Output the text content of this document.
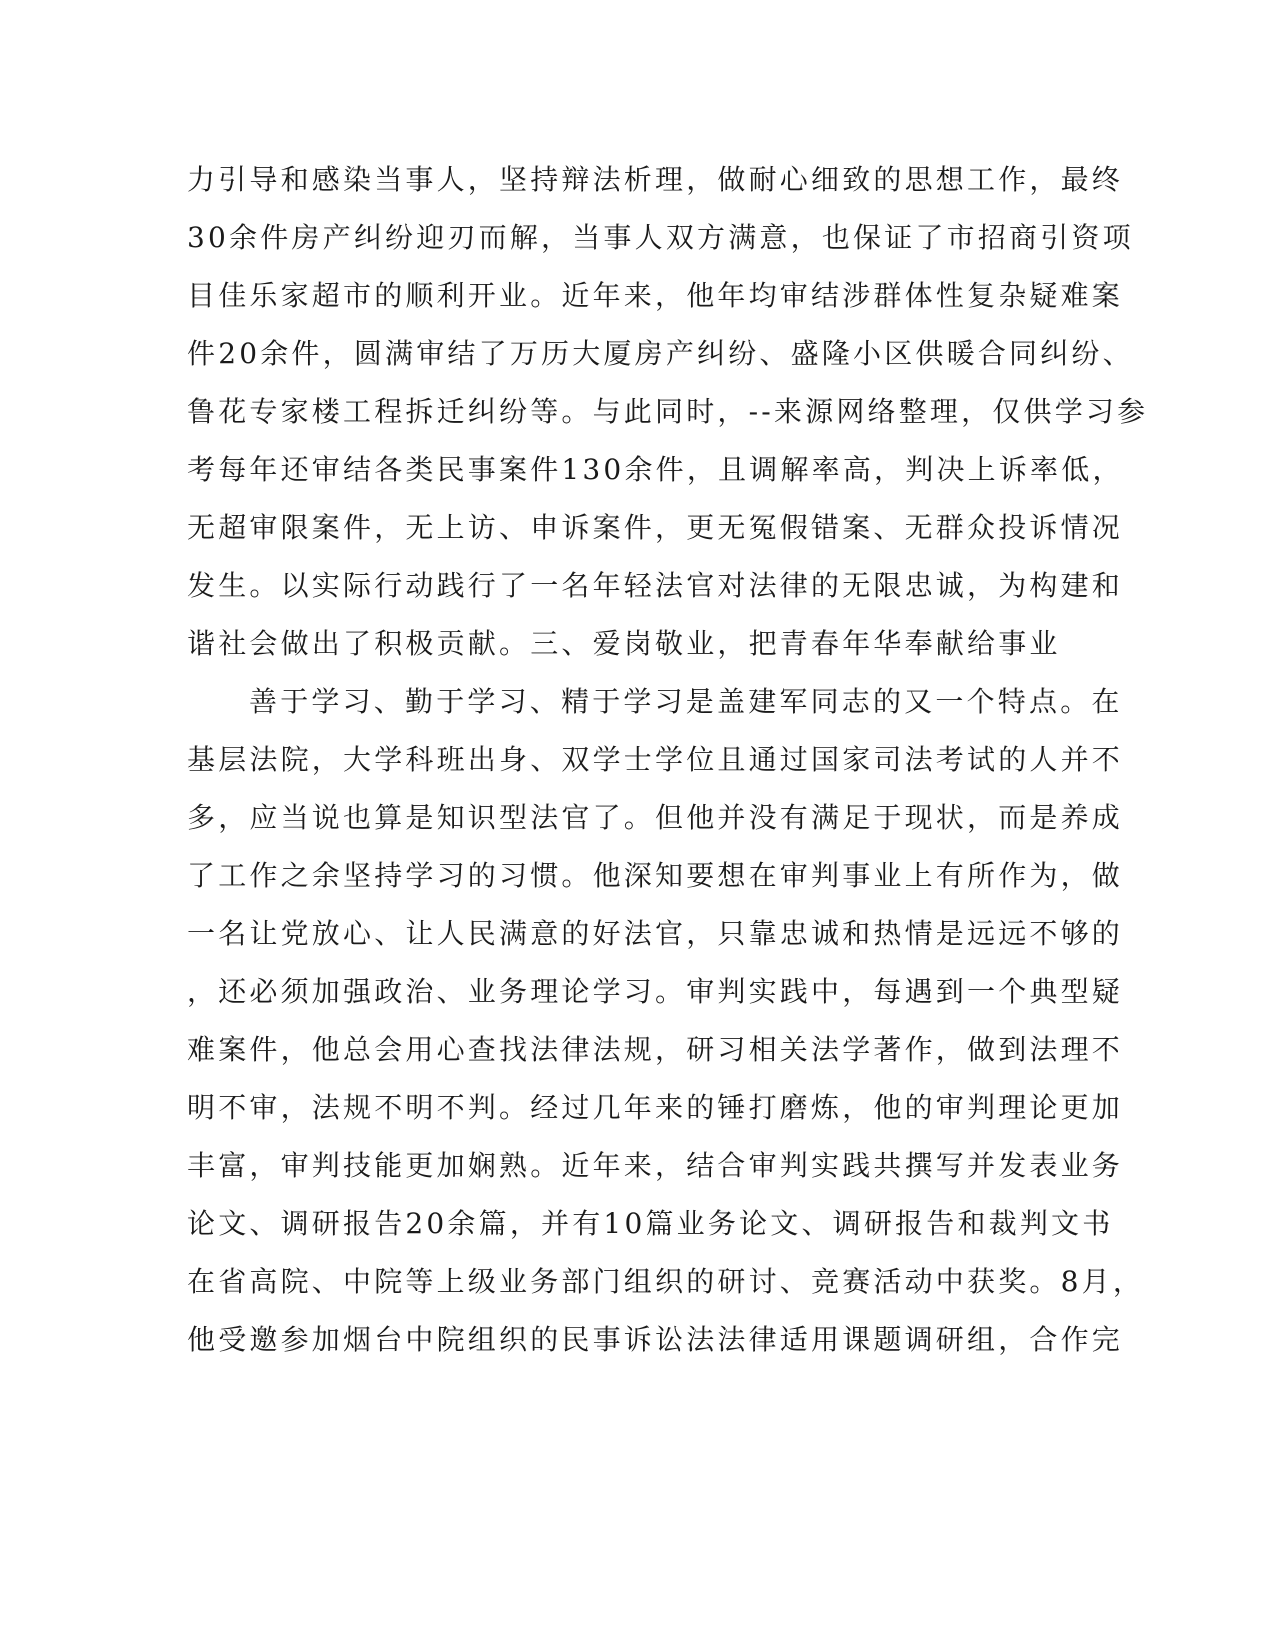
力引导和感染当事人，坚持辩法析理，做耐心细致的思想工作，最终
30余件房产纠纷迎刃而解，当事人双方满意，也保证了市招商引资项
目佳乐家超市的顺利开业。近年来，他年均审结涉群体性复杂疑难案
件20余件，圆满审结了万历大厦房产纠纷、盛隆小区供暖合同纠纷、
鲁花专家楼工程拆迁纠纷等。与此同时，--来源网络整理，仅供学习参
考每年还审结各类民事案件130余件，且调解率高，判决上诉率低，
无超审限案件，无上访、申诉案件，更无冤假错案、无群众投诉情况
发生。以实际行动践行了一名年轻法官对法律的无限忠诚，为构建和
谐社会做出了积极贡献。三、爱岗敬业，把青春年华奉献给事业
善于学习、勤于学习、精于学习是盖建军同志的又一个特点。在
基层法院，大学科班出身、双学士学位且通过国家司法考试的人并不
多，应当说也算是知识型法官了。但他并没有满足于现状，而是养成
了工作之余坚持学习的习惯。他深知要想在审判事业上有所作为，做
一名让党放心、让人民满意的好法官，只靠忠诚和热情是远远不够的
，还必须加强政治、业务理论学习。审判实践中，每遇到一个典型疑
难案件，他总会用心查找法律法规，研习相关法学著作，做到法理不
明不审，法规不明不判。经过几年来的锤打磨炼，他的审判理论更加
丰富，审判技能更加娴熟。近年来，结合审判实践共撰写并发表业务
论文、调研报告20余篇，并有10篇业务论文、调研报告和裁判文书
在省高院、中院等上级业务部门组织的研讨、竞赛活动中获奖。8月，
他受邀参加烟台中院组织的民事诉讼法法律适用课题调研组，合作完
